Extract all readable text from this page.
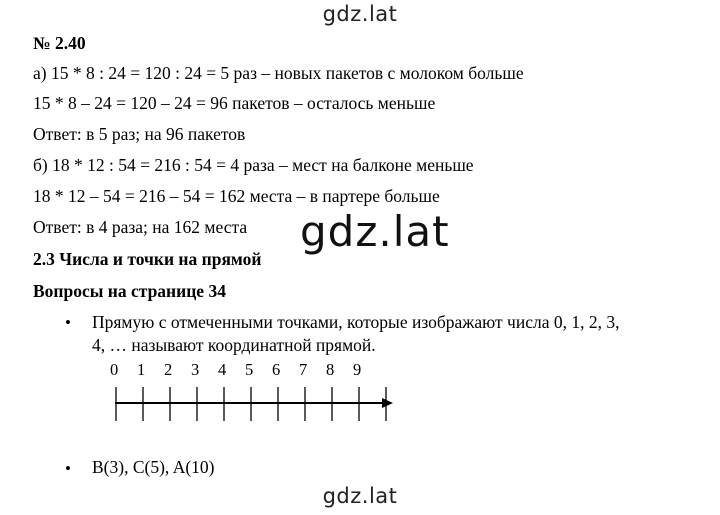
gdz.lat
№ 2.40
а) 15 * 8 : 24 = 120 : 24 = 5 раз – новых пакетов с молоком больше
15 * 8 – 24 = 120 – 24 = 96 пакетов – осталось меньше
Ответ: в 5 раз; на 96 пакетов
б) 18 * 12 : 54 = 216 : 54 = 4 раза – мест на балконе меньше
18 * 12 – 54 = 216 – 54 = 162 места – в партере больше
Ответ: в 4 раза; на 162 места gdz.lat
2.3 Числа и точки на прямой
Вопросы на странице 34
• Прямую с отмеченными точками, которые изображают числа 0, 1, 2, 3,
4, … называют координатной прямой.
0 1 2 3 4 5 6 7 8 9
• B(3), C(5), A(10)
gdz.lat
